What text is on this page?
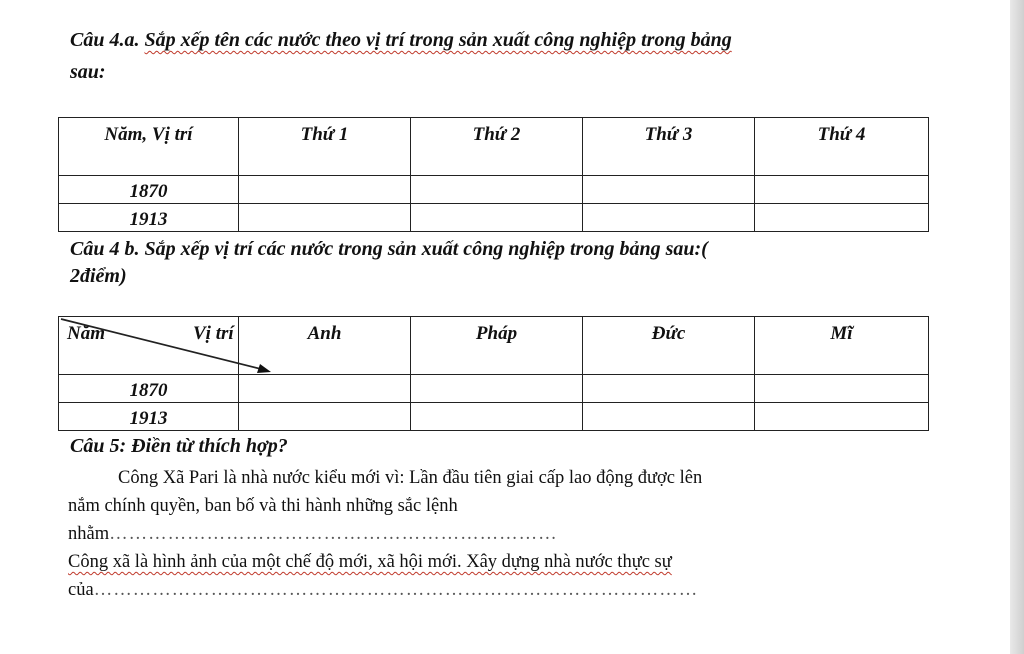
Câu 4.a. Sắp xếp tên các nước theo vị trí trong sản xuất công nghiệp trong bảng
sau:
Năm, Vị trí	Thứ 1	Thứ 2	Thứ 3	Thứ 4
1870				
1913				
Câu 4 b. Sắp xếp vị trí các nước trong sản xuất công nghiệp trong bảng sau:(
2điểm)
Năm Vị trí	Anh	Pháp	Đức	Mĩ
1870				
1913				
Câu 5: Điền từ thích hợp?
Công Xã Pari là nhà nước kiểu mới vì: Lần đầu tiên giai cấp lao động được lên
nắm chính quyền, ban bố và thi hành những sắc lệnh
nhằm……………………………………………………………
Công xã là hình ảnh của một chế độ mới, xã hội mới. Xây dựng nhà nước thực sự
của…………………………………………………………………………………
